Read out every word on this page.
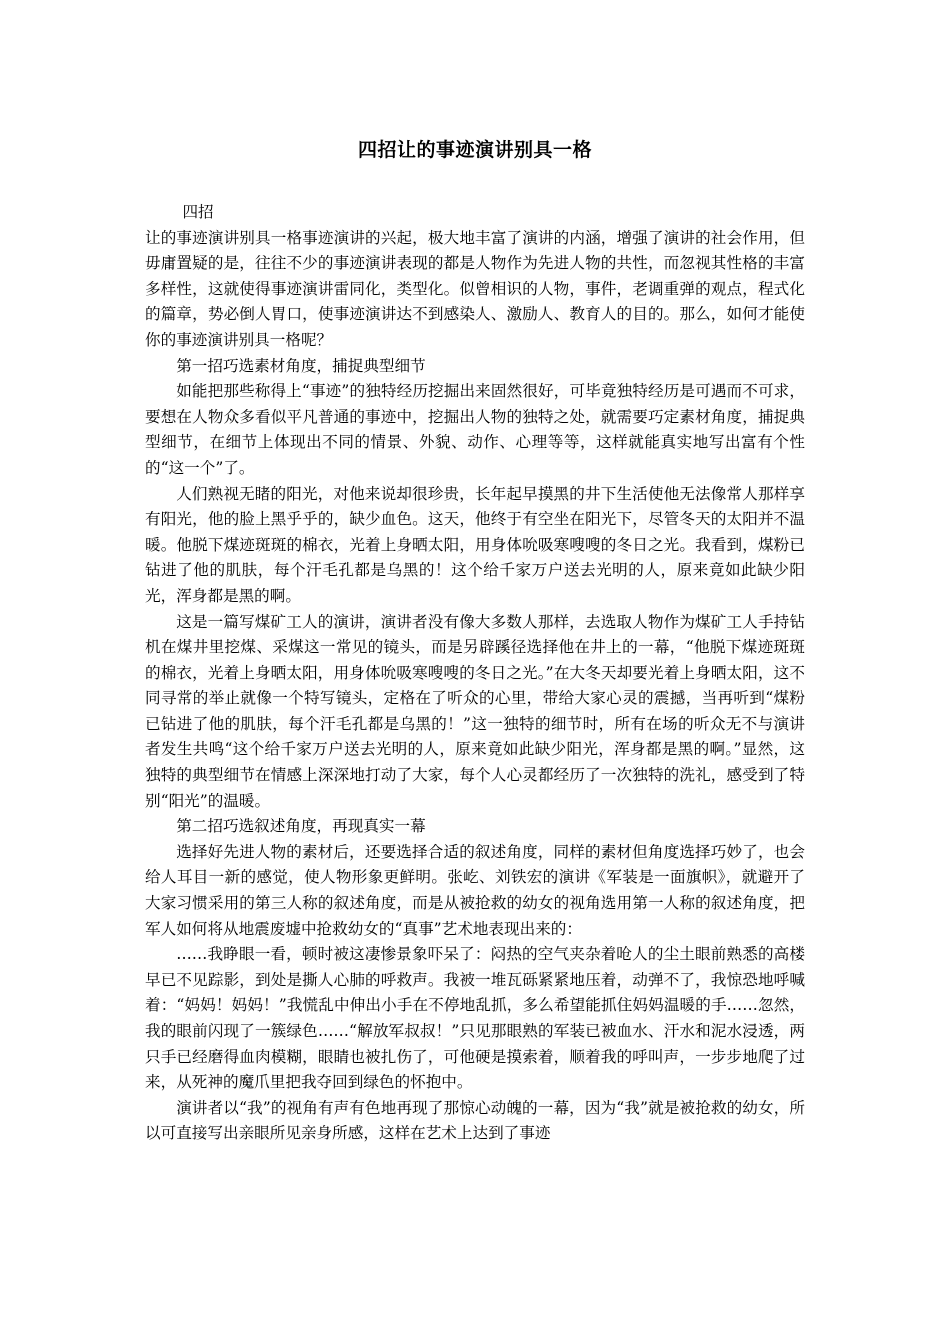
四招让的事迹演讲别具一格

四招

让的事迹演讲别具一格事迹演讲的兴起，极大地丰富了演讲的内涵，增强了演讲的社会作用，但毋庸置疑的是，往往不少的事迹演讲表现的都是人物作为先进人物的共性，而忽视其性格的丰富多样性，这就使得事迹演讲雷同化，类型化。似曾相识的人物，事件，老调重弹的观点，程式化的篇章，势必倒人胃口，使事迹演讲达不到感染人、激励人、教育人的目的。那么，如何才能使你的事迹演讲别具一格呢？

第一招巧选素材角度，捕捉典型细节

如能把那些称得上“事迹”的独特经历挖掘出来固然很好，可毕竟独特经历是可遇而不可求，要想在人物众多看似平凡普通的事迹中，挖掘出人物的独特之处，就需要巧定素材角度，捕捉典型细节，在细节上体现出不同的情景、外貌、动作、心理等等，这样就能真实地写出富有个性的“这一个”了。

人们熟视无睹的阳光，对他来说却很珍贵，长年起早摸黑的井下生活使他无法像常人那样享有阳光，他的脸上黑乎乎的，缺少血色。这天，他终于有空坐在阳光下，尽管冬天的太阳并不温暖。他脱下煤迹斑斑的棉衣，光着上身晒太阳，用身体吮吸寒嗖嗖的冬日之光。我看到，煤粉已钻进了他的肌肤，每个汗毛孔都是乌黑的！这个给千家万户送去光明的人，原来竟如此缺少阳光，浑身都是黑的啊。

这是一篇写煤矿工人的演讲，演讲者没有像大多数人那样，去选取人物作为煤矿工人手持钻机在煤井里挖煤、采煤这一常见的镜头，而是另辟蹊径选择他在井上的一幕，“他脱下煤迹斑斑的棉衣，光着上身晒太阳，用身体吮吸寒嗖嗖的冬日之光。”在大冬天却要光着上身晒太阳，这不同寻常的举止就像一个特写镜头，定格在了听众的心里，带给大家心灵的震撼，当再听到“煤粉已钻进了他的肌肤，每个汗毛孔都是乌黑的！”这一独特的细节时，所有在场的听众无不与演讲者发生共鸣“这个给千家万户送去光明的人，原来竟如此缺少阳光，浑身都是黑的啊。”显然，这独特的典型细节在情感上深深地打动了大家，每个人心灵都经历了一次独特的洗礼，感受到了特别“阳光”的温暖。

第二招巧选叙述角度，再现真实一幕

选择好先进人物的素材后，还要选择合适的叙述角度，同样的素材但角度选择巧妙了，也会给人耳目一新的感觉，使人物形象更鲜明。张屹、刘铁宏的演讲《军装是一面旗帜》，就避开了大家习惯采用的第三人称的叙述角度，而是从被抢救的幼女的视角选用第一人称的叙述角度，把军人如何将从地震废墟中抢救幼女的“真事”艺术地表现出来的：

……我睁眼一看，顿时被这凄惨景象吓呆了：闷热的空气夹杂着呛人的尘土眼前熟悉的高楼早已不见踪影，到处是撕人心肺的呼救声。我被一堆瓦砾紧紧地压着，动弹不了，我惊恐地呼喊着：“妈妈！妈妈！”我慌乱中伸出小手在不停地乱抓，多么希望能抓住妈妈温暖的手……忽然，我的眼前闪现了一簇绿色……“解放军叔叔！”只见那眼熟的军装已被血水、汗水和泥水浸透，两只手已经磨得血肉模糊，眼睛也被扎伤了，可他硬是摸索着，顺着我的呼叫声，一步步地爬了过来，从死神的魔爪里把我夺回到绿色的怀抱中。

演讲者以“我”的视角有声有色地再现了那惊心动魄的一幕，因为“我”就是被抢救的幼女，所以可直接写出亲眼所见亲身所感，这样在艺术上达到了事迹
